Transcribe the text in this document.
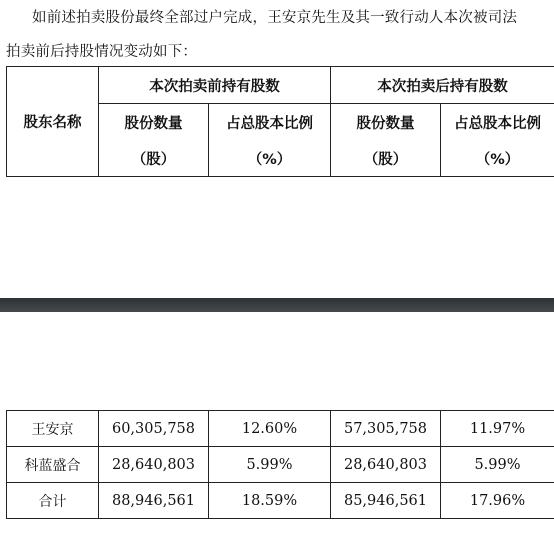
如前述拍卖股份最终全部过户完成，王安京先生及其一致行动人本次被司法
拍卖前后持股情况变动如下：
股东名称	本次拍卖前持有股数		本次拍卖后持有股数	
	股份数量	占总股本比例	股份数量	占总股本比例
	（股）	（%）	（股）	（%）
王安京	60,305,758	12.60%	57,305,758	11.97%
科蓝盛合	28,640,803	5.99%	28,640,803	5.99%
合计	88,946,561	18.59%	85,946,561	17.96%
